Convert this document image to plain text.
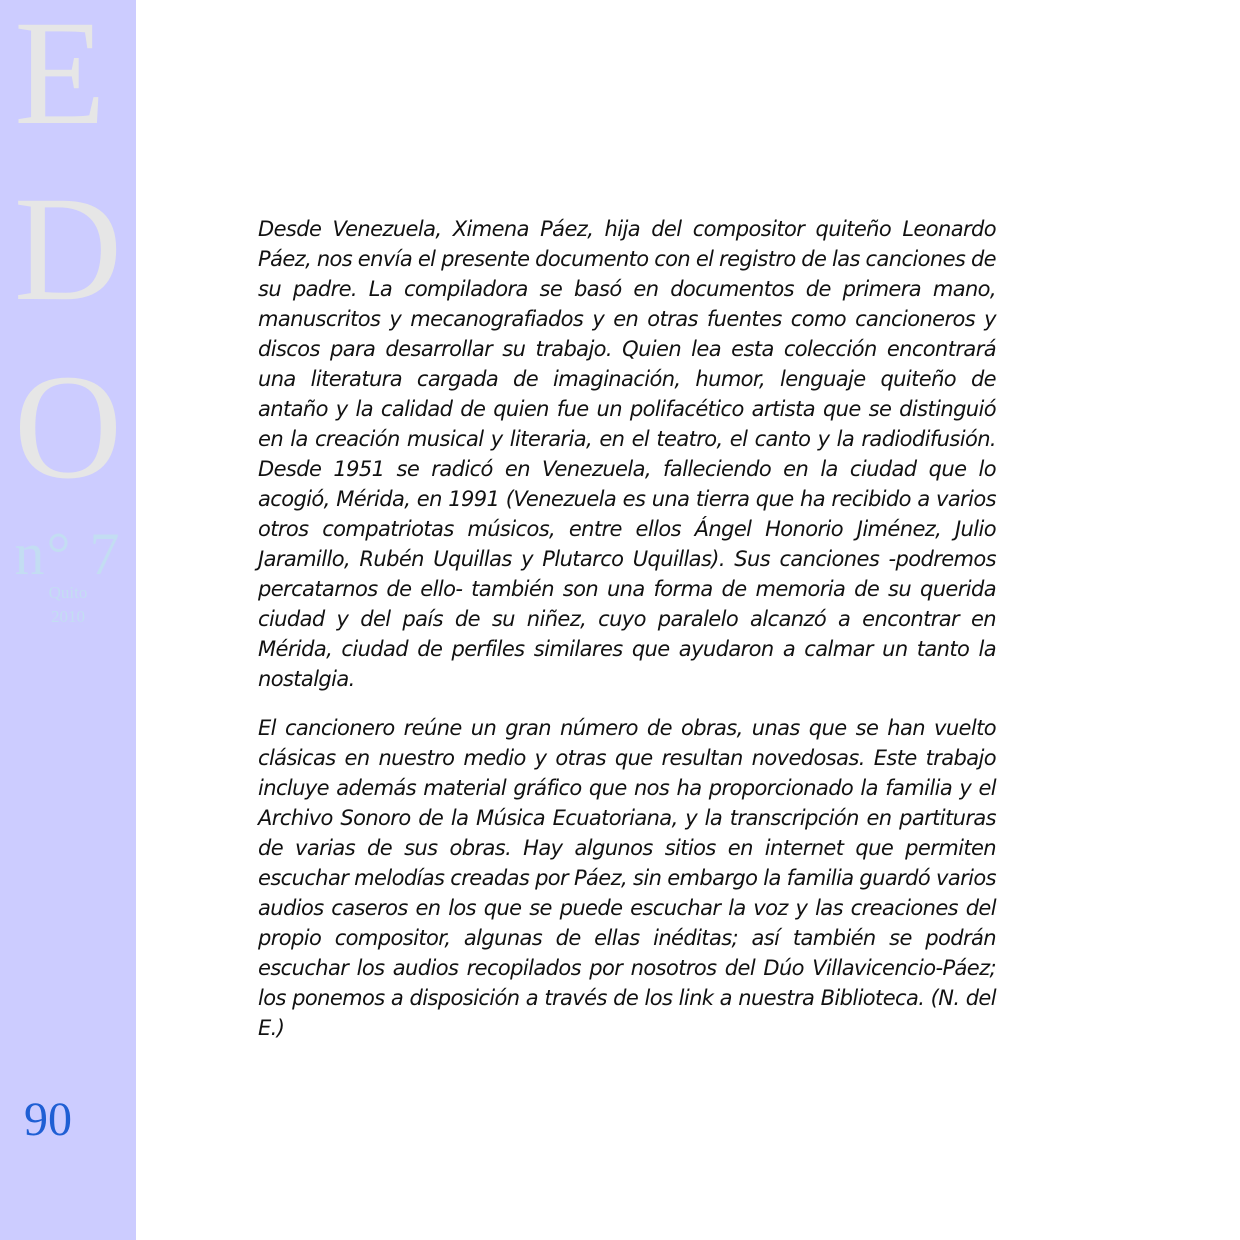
E
D
O
n° 7
Quito
2010
90

Desde Venezuela, Ximena Páez, hija del compositor quiteño Leonardo Páez, nos envía el presente documento con el registro de las canciones de su padre. La compiladora se basó en documentos de primera mano, manuscritos y mecanografiados y en otras fuentes como cancioneros y discos para desarrollar su trabajo. Quien lea esta colección encontrará una literatura cargada de imaginación, humor, lenguaje quiteño de antaño y la calidad de quien fue un polifacético artista que se distinguió en la creación musical y literaria, en el teatro, el canto y la radiodifusión. Desde 1951 se radicó en Venezuela, falleciendo en la ciudad que lo acogió, Mérida, en 1991 (Venezuela es una tierra que ha recibido a varios otros compatriotas músicos, entre ellos Ángel Honorio Jiménez, Julio Jaramillo, Rubén Uquillas y Plutarco Uquillas). Sus canciones -podremos percatarnos de ello- también son una forma de memoria de su querida ciudad y del país de su niñez, cuyo paralelo alcanzó a encontrar en Mérida, ciudad de perfiles similares que ayudaron a calmar un tanto la nostalgia.

El cancionero reúne un gran número de obras, unas que se han vuelto clásicas en nuestro medio y otras que resultan novedosas. Este trabajo incluye además material gráfico que nos ha proporcionado la familia y el Archivo Sonoro de la Música Ecuatoriana, y la transcripción en partituras de varias de sus obras. Hay algunos sitios en internet que permiten escuchar melodías creadas por Páez, sin embargo la familia guardó varios audios caseros en los que se puede escuchar la voz y las creaciones del propio compositor, algunas de ellas inéditas; así también se podrán escuchar los audios recopilados por nosotros del Dúo Villavicencio-Páez; los ponemos a disposición a través de los link a nuestra Biblioteca. (N. del E.)
